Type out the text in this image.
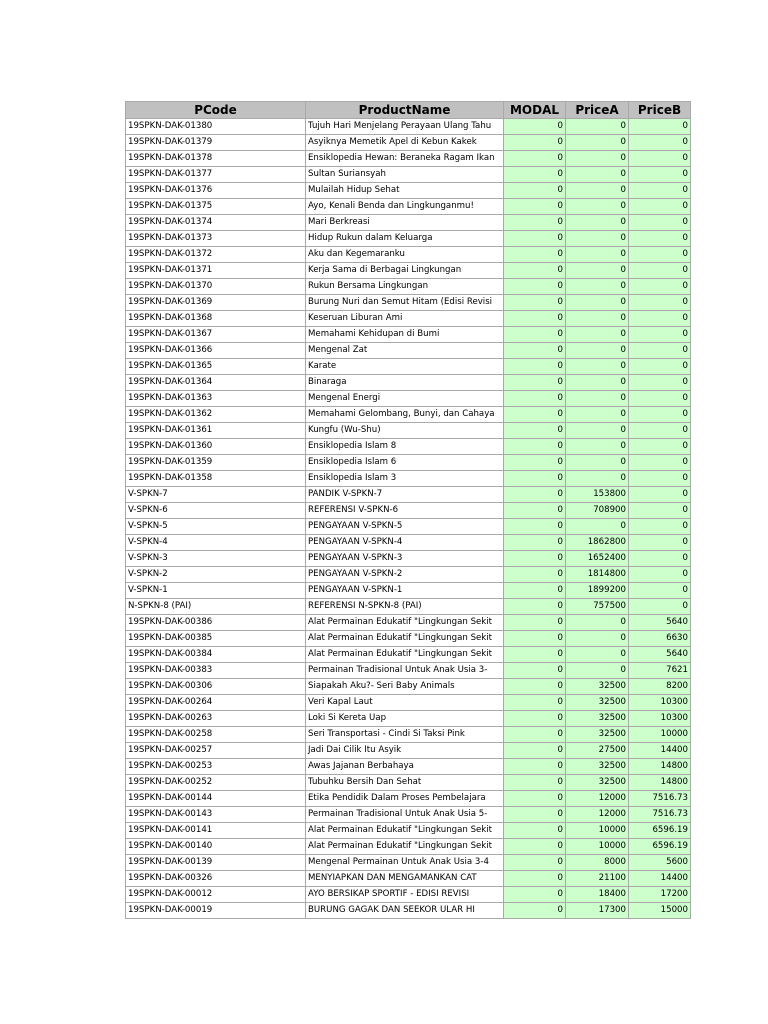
PCode	ProductName	MODAL	PriceA	PriceB
19SPKN-DAK-01380	Tujuh Hari Menjelang Perayaan Ulang Tahu	0	0	0
19SPKN-DAK-01379	Asyiknya Memetik Apel di Kebun Kakek	0	0	0
19SPKN-DAK-01378	Ensiklopedia Hewan: Beraneka Ragam Ikan	0	0	0
19SPKN-DAK-01377	Sultan Suriansyah	0	0	0
19SPKN-DAK-01376	Mulailah Hidup Sehat	0	0	0
19SPKN-DAK-01375	Ayo, Kenali Benda dan Lingkunganmu!	0	0	0
19SPKN-DAK-01374	Mari Berkreasi	0	0	0
19SPKN-DAK-01373	Hidup Rukun dalam Keluarga	0	0	0
19SPKN-DAK-01372	Aku dan Kegemaranku	0	0	0
19SPKN-DAK-01371	Kerja Sama di Berbagai Lingkungan	0	0	0
19SPKN-DAK-01370	Rukun Bersama Lingkungan	0	0	0
19SPKN-DAK-01369	Burung Nuri dan Semut Hitam (Edisi Revisi	0	0	0
19SPKN-DAK-01368	Keseruan Liburan Ami	0	0	0
19SPKN-DAK-01367	Memahami Kehidupan di Bumi	0	0	0
19SPKN-DAK-01366	Mengenal Zat	0	0	0
19SPKN-DAK-01365	Karate	0	0	0
19SPKN-DAK-01364	Binaraga	0	0	0
19SPKN-DAK-01363	Mengenal Energi	0	0	0
19SPKN-DAK-01362	Memahami Gelombang, Bunyi, dan Cahaya	0	0	0
19SPKN-DAK-01361	Kungfu (Wu-Shu)	0	0	0
19SPKN-DAK-01360	Ensiklopedia Islam 8	0	0	0
19SPKN-DAK-01359	Ensiklopedia Islam 6	0	0	0
19SPKN-DAK-01358	Ensiklopedia Islam 3	0	0	0
V-SPKN-7	PANDIK V-SPKN-7	0	153800	0
V-SPKN-6	REFERENSI V-SPKN-6	0	708900	0
V-SPKN-5	PENGAYAAN V-SPKN-5	0	0	0
V-SPKN-4	PENGAYAAN V-SPKN-4	0	1862800	0
V-SPKN-3	PENGAYAAN V-SPKN-3	0	1652400	0
V-SPKN-2	PENGAYAAN V-SPKN-2	0	1814800	0
V-SPKN-1	PENGAYAAN V-SPKN-1	0	1899200	0
N-SPKN-8 (PAI)	REFERENSI N-SPKN-8 (PAI)	0	757500	0
19SPKN-DAK-00386	Alat Permainan Edukatif "Lingkungan Sekit	0	0	5640
19SPKN-DAK-00385	Alat Permainan Edukatif "Lingkungan Sekit	0	0	6630
19SPKN-DAK-00384	Alat Permainan Edukatif "Lingkungan Sekit	0	0	5640
19SPKN-DAK-00383	Permainan Tradisional Untuk Anak Usia 3-	0	0	7621
19SPKN-DAK-00306	Siapakah Aku?- Seri Baby Animals	0	32500	8200
19SPKN-DAK-00264	Veri Kapal Laut	0	32500	10300
19SPKN-DAK-00263	Loki Si Kereta Uap	0	32500	10300
19SPKN-DAK-00258	Seri Transportasi - Cindi Si Taksi Pink	0	32500	10000
19SPKN-DAK-00257	Jadi Dai Cilik Itu Asyik	0	27500	14400
19SPKN-DAK-00253	Awas Jajanan Berbahaya	0	32500	14800
19SPKN-DAK-00252	Tubuhku Bersih Dan Sehat	0	32500	14800
19SPKN-DAK-00144	Etika Pendidik Dalam Proses Pembelajara	0	12000	7516.73
19SPKN-DAK-00143	Permainan Tradisional Untuk Anak Usia 5-	0	12000	7516.73
19SPKN-DAK-00141	Alat Permainan Edukatif "Lingkungan Sekit	0	10000	6596.19
19SPKN-DAK-00140	Alat Permainan Edukatif "Lingkungan Sekit	0	10000	6596.19
19SPKN-DAK-00139	Mengenal Permainan Untuk Anak Usia 3-4	0	8000	5600
19SPKN-DAK-00326	MENYIAPKAN DAN MENGAMANKAN CAT	0	21100	14400
19SPKN-DAK-00012	AYO BERSIKAP SPORTIF - EDISI REVISI	0	18400	17200
19SPKN-DAK-00019	BURUNG GAGAK DAN SEEKOR ULAR HI	0	17300	15000
